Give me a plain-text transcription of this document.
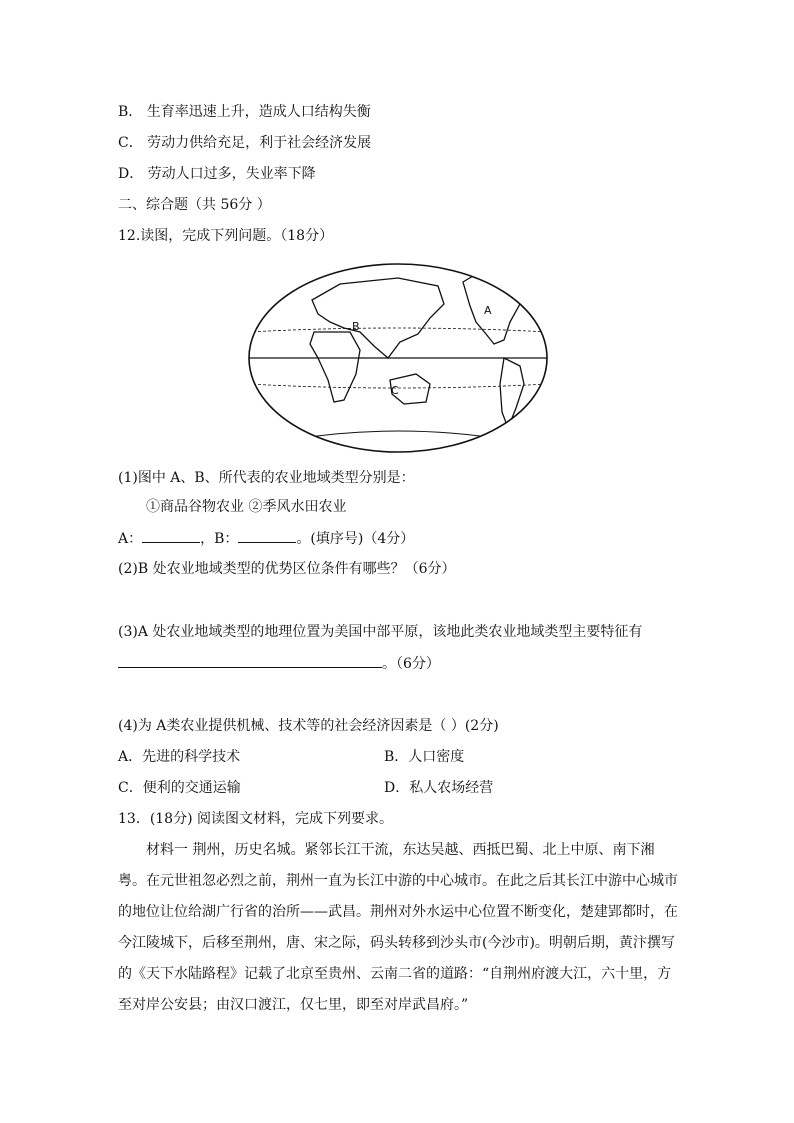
B． 生育率迅速上升，造成人口结构失衡
C． 劳动力供给充足，利于社会经济发展
D． 劳动人口过多，失业率下降
二、综合题（共 56分 ）
12.读图，完成下列问题。（18分）
A
B
C
(1)图中 A、B、所代表的农业地域类型分别是：
①商品谷物农业 ②季风水田农业
A：	，B：	。(填序号)（4分）
(2)B 处农业地域类型的优势区位条件有哪些？（6分）
(3)A 处农业地域类型的地理位置为美国中部平原，该地此类农业地域类型主要特征有
。（6分）
(4)为 A类农业提供机械、技术等的社会经济因素是（ ）(2分)
A．先进的科学技术	B．人口密度
C．便利的交通运输	D．私人农场经营
13．(18分) 阅读图文材料，完成下列要求。

材料一 荆州，历史名城。紧邻长江干流，东达吴越、西抵巴蜀、北上中原、南下湘粤。在元世祖忽必烈之前，荆州一直为长江中游的中心城市。在此之后其长江中游中心城市的地位让位给湖广行省的治所——武昌。荆州对外水运中心位置不断变化，楚建郢都时，在今江陵城下，后移至荆州，唐、宋之际，码头转移到沙头市(今沙市)。明朝后期，黄汴撰写的《天下水陆路程》记载了北京至贵州、云南二省的道路：“自荆州府渡大江，六十里，方至对岸公安县；由汉口渡江，仅七里，即至对岸武昌府。”
